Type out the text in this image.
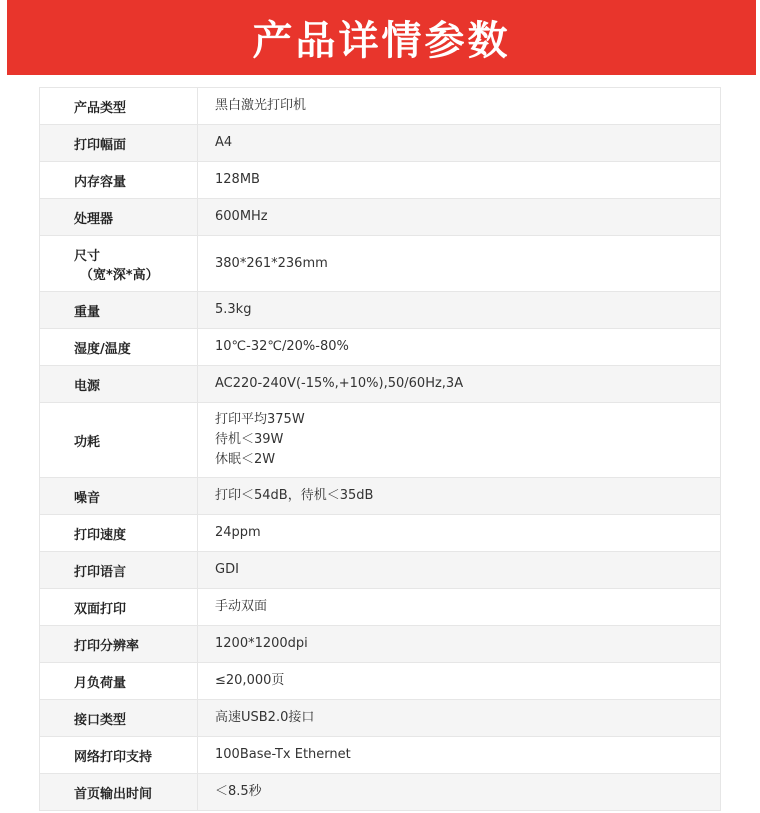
产品详情参数
产品类型	黑白激光打印机
打印幅面	A4
内存容量	128MB
处理器	600MHz

尺寸
（宽*深*高）	380*261*236mm
重量	5.3kg
湿度/温度	10℃-32℃/20%-80%
电源	AC220-240V(-15%,+10%),50/60Hz,3A
功耗	打印平均375W
待机＜39W
休眠＜2W

噪音	打印＜54dB，待机＜35dB
打印速度	24ppm
打印语言	GDI
双面打印	手动双面
打印分辨率	1200*1200dpi
月负荷量	≤20,000页
接口类型	高速USB2.0接口
网络打印支持	100Base-Tx Ethernet
首页输出时间	＜8.5秒
